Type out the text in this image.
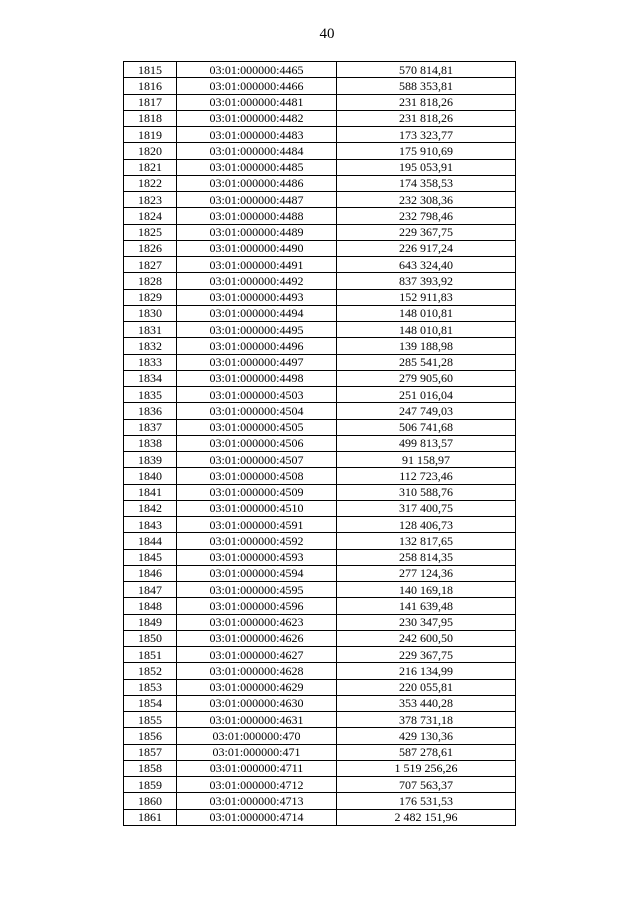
40
1815	03:01:000000:4465	570 814,81
1816	03:01:000000:4466	588 353,81
1817	03:01:000000:4481	231 818,26
1818	03:01:000000:4482	231 818,26
1819	03:01:000000:4483	173 323,77
1820	03:01:000000:4484	175 910,69
1821	03:01:000000:4485	195 053,91
1822	03:01:000000:4486	174 358,53
1823	03:01:000000:4487	232 308,36
1824	03:01:000000:4488	232 798,46
1825	03:01:000000:4489	229 367,75
1826	03:01:000000:4490	226 917,24
1827	03:01:000000:4491	643 324,40
1828	03:01:000000:4492	837 393,92
1829	03:01:000000:4493	152 911,83
1830	03:01:000000:4494	148 010,81
1831	03:01:000000:4495	148 010,81
1832	03:01:000000:4496	139 188,98
1833	03:01:000000:4497	285 541,28
1834	03:01:000000:4498	279 905,60
1835	03:01:000000:4503	251 016,04
1836	03:01:000000:4504	247 749,03
1837	03:01:000000:4505	506 741,68
1838	03:01:000000:4506	499 813,57
1839	03:01:000000:4507	91 158,97
1840	03:01:000000:4508	112 723,46
1841	03:01:000000:4509	310 588,76
1842	03:01:000000:4510	317 400,75
1843	03:01:000000:4591	128 406,73
1844	03:01:000000:4592	132 817,65
1845	03:01:000000:4593	258 814,35
1846	03:01:000000:4594	277 124,36
1847	03:01:000000:4595	140 169,18
1848	03:01:000000:4596	141 639,48
1849	03:01:000000:4623	230 347,95
1850	03:01:000000:4626	242 600,50
1851	03:01:000000:4627	229 367,75
1852	03:01:000000:4628	216 134,99
1853	03:01:000000:4629	220 055,81
1854	03:01:000000:4630	353 440,28
1855	03:01:000000:4631	378 731,18
1856	03:01:000000:470	429 130,36
1857	03:01:000000:471	587 278,61
1858	03:01:000000:4711	1 519 256,26
1859	03:01:000000:4712	707 563,37
1860	03:01:000000:4713	176 531,53
1861	03:01:000000:4714	2 482 151,96
